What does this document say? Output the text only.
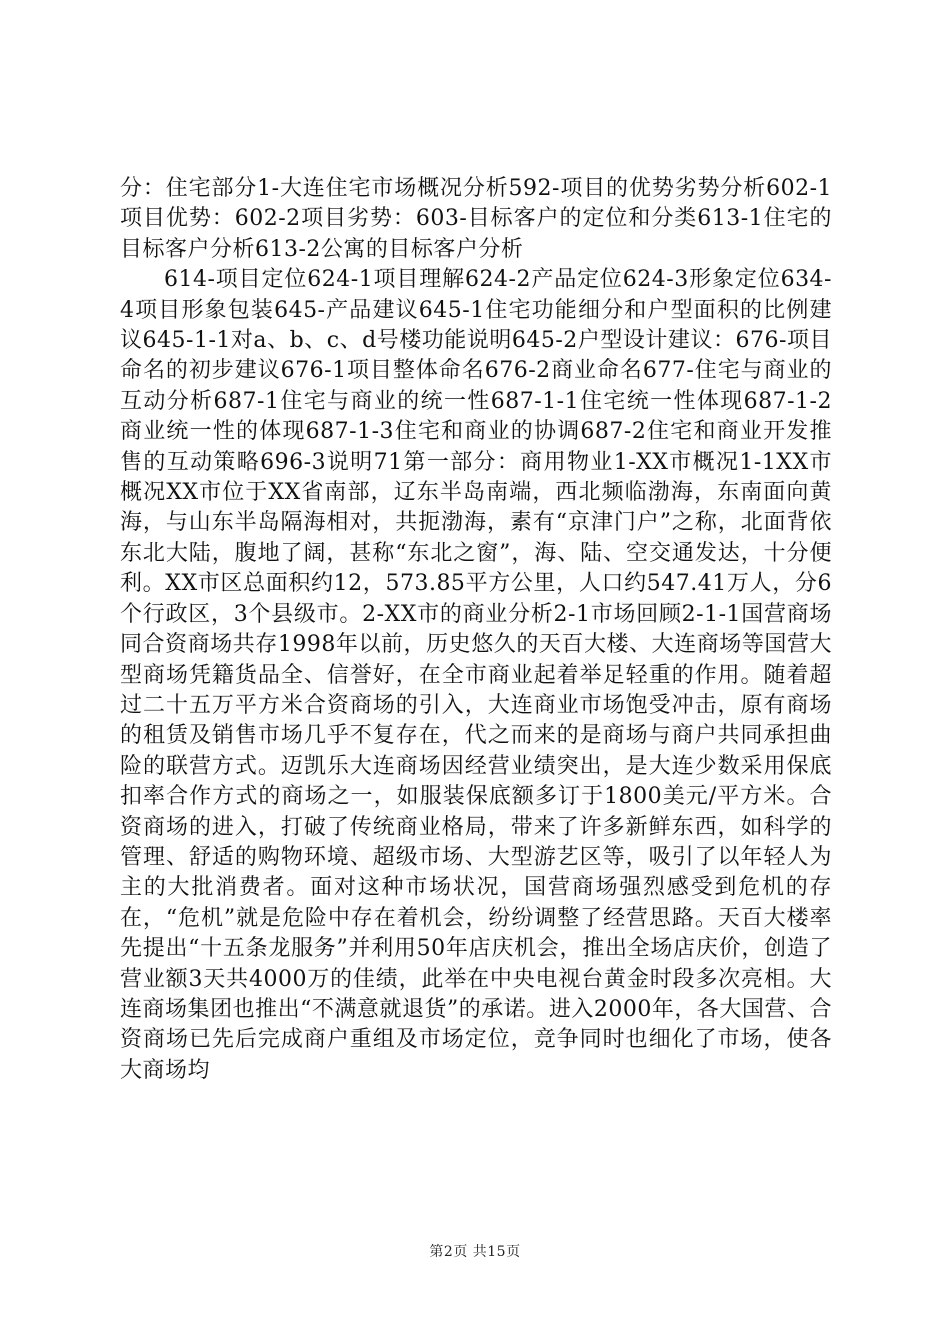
分：住宅部分1-大连住宅市场概况分析592-项目的优势劣势分析602-1项目优势：602-2项目劣势：603-目标客户的定位和分类613-1住宅的目标客户分析613-2公寓的目标客户分析

614-项目定位624-1项目理解624-2产品定位624-3形象定位634-4项目形象包装645-产品建议645-1住宅功能细分和户型面积的比例建议645-1-1对a、b、c、d号楼功能说明645-2户型设计建议：676-项目命名的初步建议676-1项目整体命名676-2商业命名677-住宅与商业的互动分析687-1住宅与商业的统一性687-1-1住宅统一性体现687-1-2商业统一性的体现687-1-3住宅和商业的协调687-2住宅和商业开发推售的互动策略696-3说明71第一部分：商用物业1-XX市概况1-1XX市概况XX市位于XX省南部，辽东半岛南端，西北频临渤海，东南面向黄海，与山东半岛隔海相对，共扼渤海，素有“京津门户”之称，北面背依东北大陆，腹地了阔，甚称“东北之窗”，海、陆、空交通发达，十分便利。XX市区总面积约12，573.85平方公里，人口约547.41万人，分6个行政区，3个县级市。2-XX市的商业分析2-1市场回顾2-1-1国营商场同合资商场共存1998年以前，历史悠久的天百大楼、大连商场等国营大型商场凭籍货品全、信誉好，在全市商业起着举足轻重的作用。随着超过二十五万平方米合资商场的引入，大连商业市场饱受冲击，原有商场的租赁及销售市场几乎不复存在，代之而来的是商场与商户共同承担曲险的联营方式。迈凯乐大连商场因经营业绩突出，是大连少数采用保底扣率合作方式的商场之一，如服装保底额多订于1800美元/平方米。合资商场的进入，打破了传统商业格局，带来了许多新鲜东西，如科学的管理、舒适的购物环境、超级市场、大型游艺区等，吸引了以年轻人为主的大批消费者。面对这种市场状况，国营商场强烈感受到危机的存在，“危机”就是危险中存在着机会，纷纷调整了经营思路。天百大楼率先提出“十五条龙服务”并利用50年店庆机会，推出全场店庆价，创造了营业额3天共4000万的佳绩，此举在中央电视台黄金时段多次亮相。大连商场集团也推出“不满意就退货”的承诺。进入2000年，各大国营、合资商场已先后完成商户重组及市场定位，竞争同时也细化了市场，使各大商场均

第2页 共15页
